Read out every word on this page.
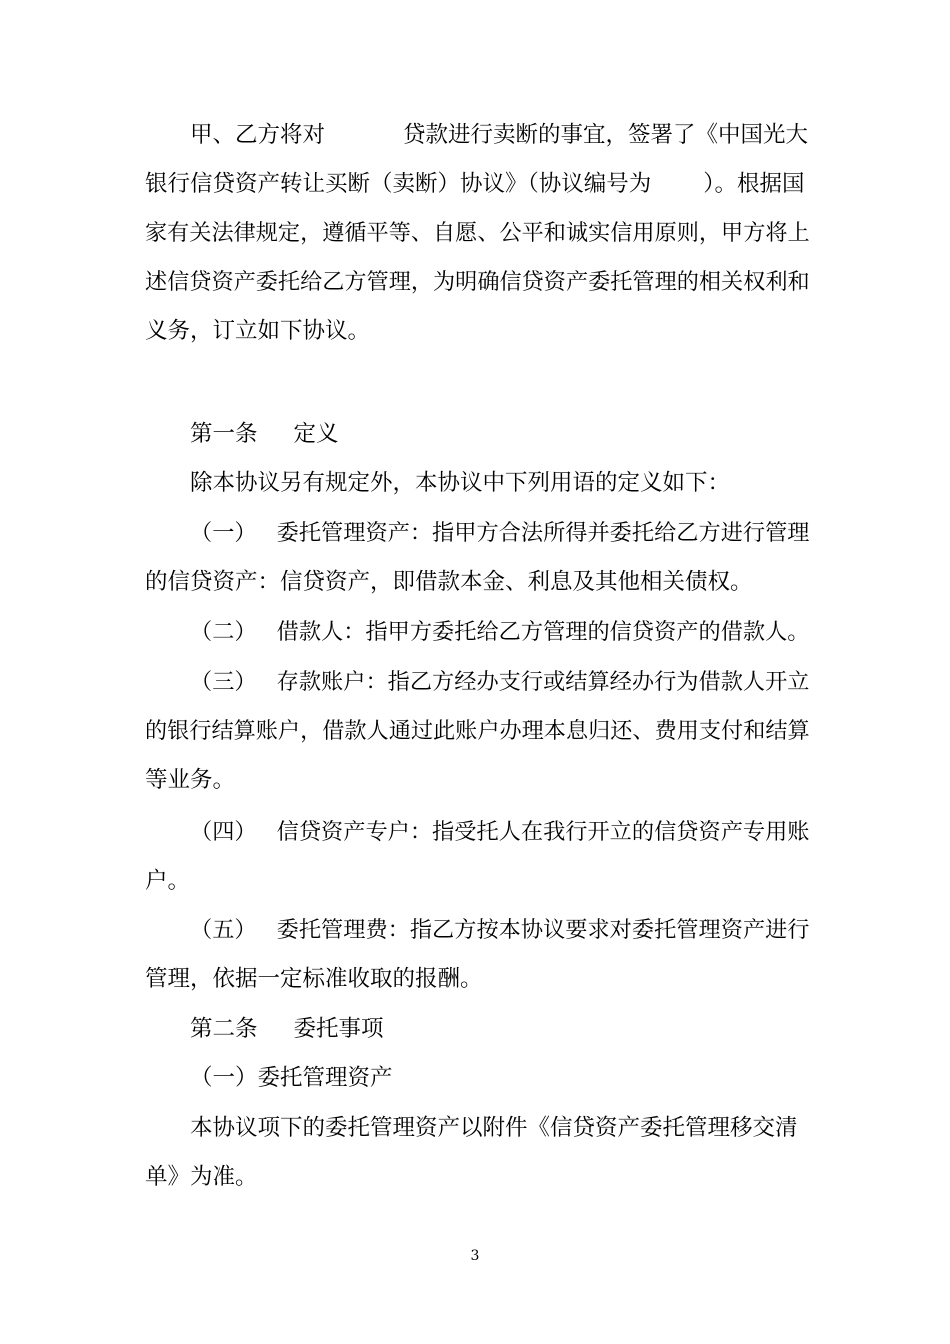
甲、乙方将对	贷款进行卖断的事宜，签署了《中国光大
银行信贷资产转让买断（卖断）协议》（协议编号为 ）。根据国
家有关法律规定，遵循平等、自愿、公平和诚实信用原则，甲方将上
述信贷资产委托给乙方管理，为明确信贷资产委托管理的相关权利和
义务，订立如下协议。
第一条 定义
除本协议另有规定外，本协议中下列用语的定义如下：
（一） 委托管理资产：指甲方合法所得并委托给乙方进行管理
的信贷资产：信贷资产，即借款本金、利息及其他相关债权。
（二） 借款人：指甲方委托给乙方管理的信贷资产的借款人。
（三） 存款账户：指乙方经办支行或结算经办行为借款人开立
的银行结算账户，借款人通过此账户办理本息归还、费用支付和结算
等业务。
（四） 信贷资产专户：指受托人在我行开立的信贷资产专用账
户。
（五） 委托管理费：指乙方按本协议要求对委托管理资产进行
管理，依据一定标准收取的报酬。
第二条 委托事项
（一）委托管理资产
本协议项下的委托管理资产以附件《信贷资产委托管理移交清
单》为准。
3
